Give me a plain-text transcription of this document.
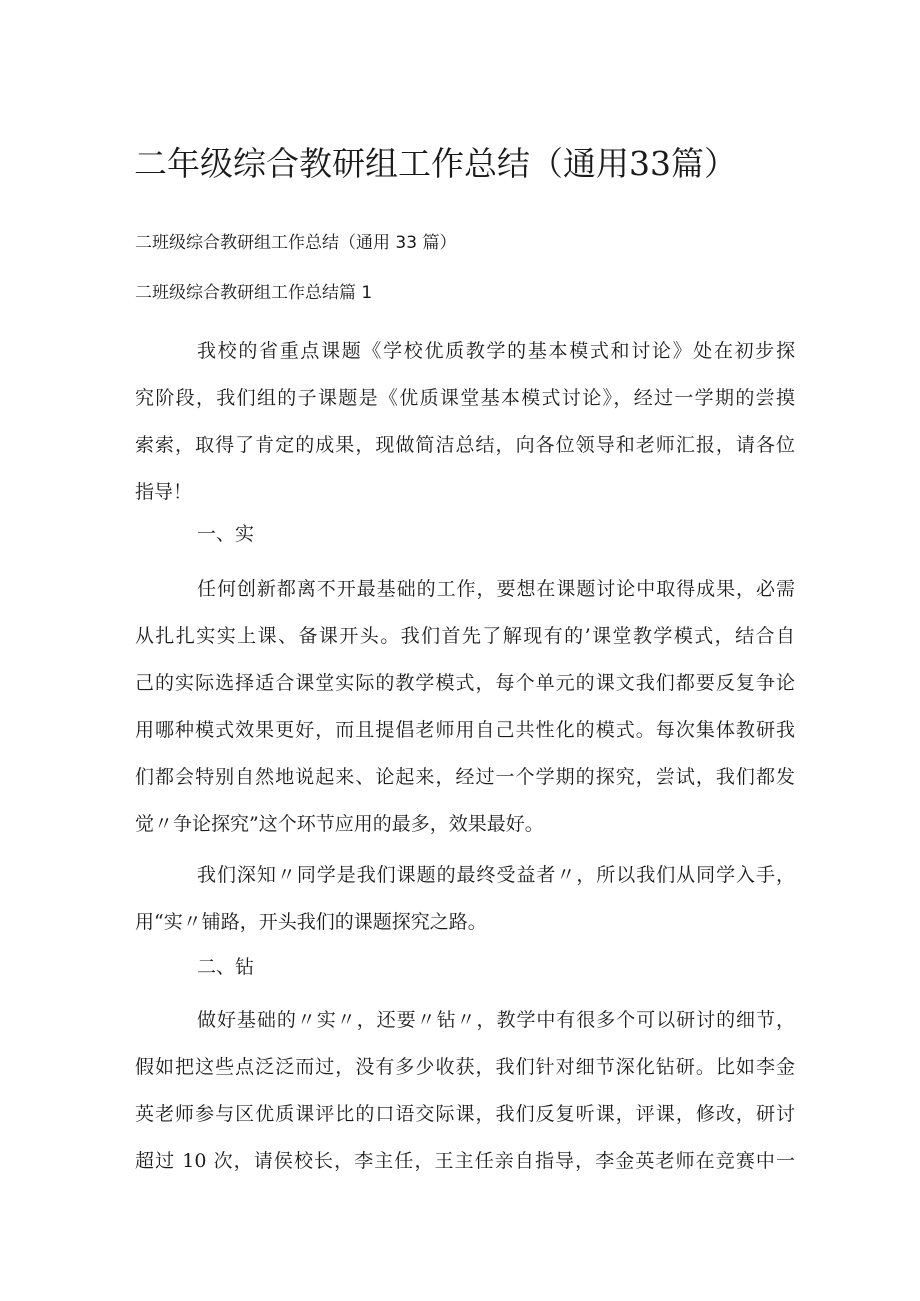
二年级综合教研组工作总结（通用33篇）
二班级综合教研组工作总结（通用 33 篇）
二班级综合教研组工作总结篇 1
我校的省重点课题《学校优质教学的基本模式和讨论》处在初步探
究阶段，我们组的子课题是《优质课堂基本模式讨论》，经过一学期的尝摸
索索，取得了肯定的成果，现做简洁总结，向各位领导和老师汇报，请各位
指导！
一、实
任何创新都离不开最基础的工作，要想在课题讨论中取得成果，必需
从扎扎实实上课、备课开头。我们首先了解现有的’课堂教学模式，结合自
己的实际选择适合课堂实际的教学模式，每个单元的课文我们都要反复争论
用哪种模式效果更好，而且提倡老师用自己共性化的模式。每次集体教研我
们都会特别自然地说起来、论起来，经过一个学期的探究，尝试，我们都发
觉〃争论探究”这个环节应用的最多，效果最好。
我们深知〃同学是我们课题的最终受益者〃，所以我们从同学入手，
用“实〃铺路，开头我们的课题探究之路。
二、钻
做好基础的〃实〃，还要〃钻〃，教学中有很多个可以研讨的细节，
假如把这些点泛泛而过，没有多少收获，我们针对细节深化钻研。比如李金
英老师参与区优质课评比的口语交际课，我们反复听课，评课，修改，研讨
超过 10 次，请侯校长，李主任，王主任亲自指导，李金英老师在竞赛中一
